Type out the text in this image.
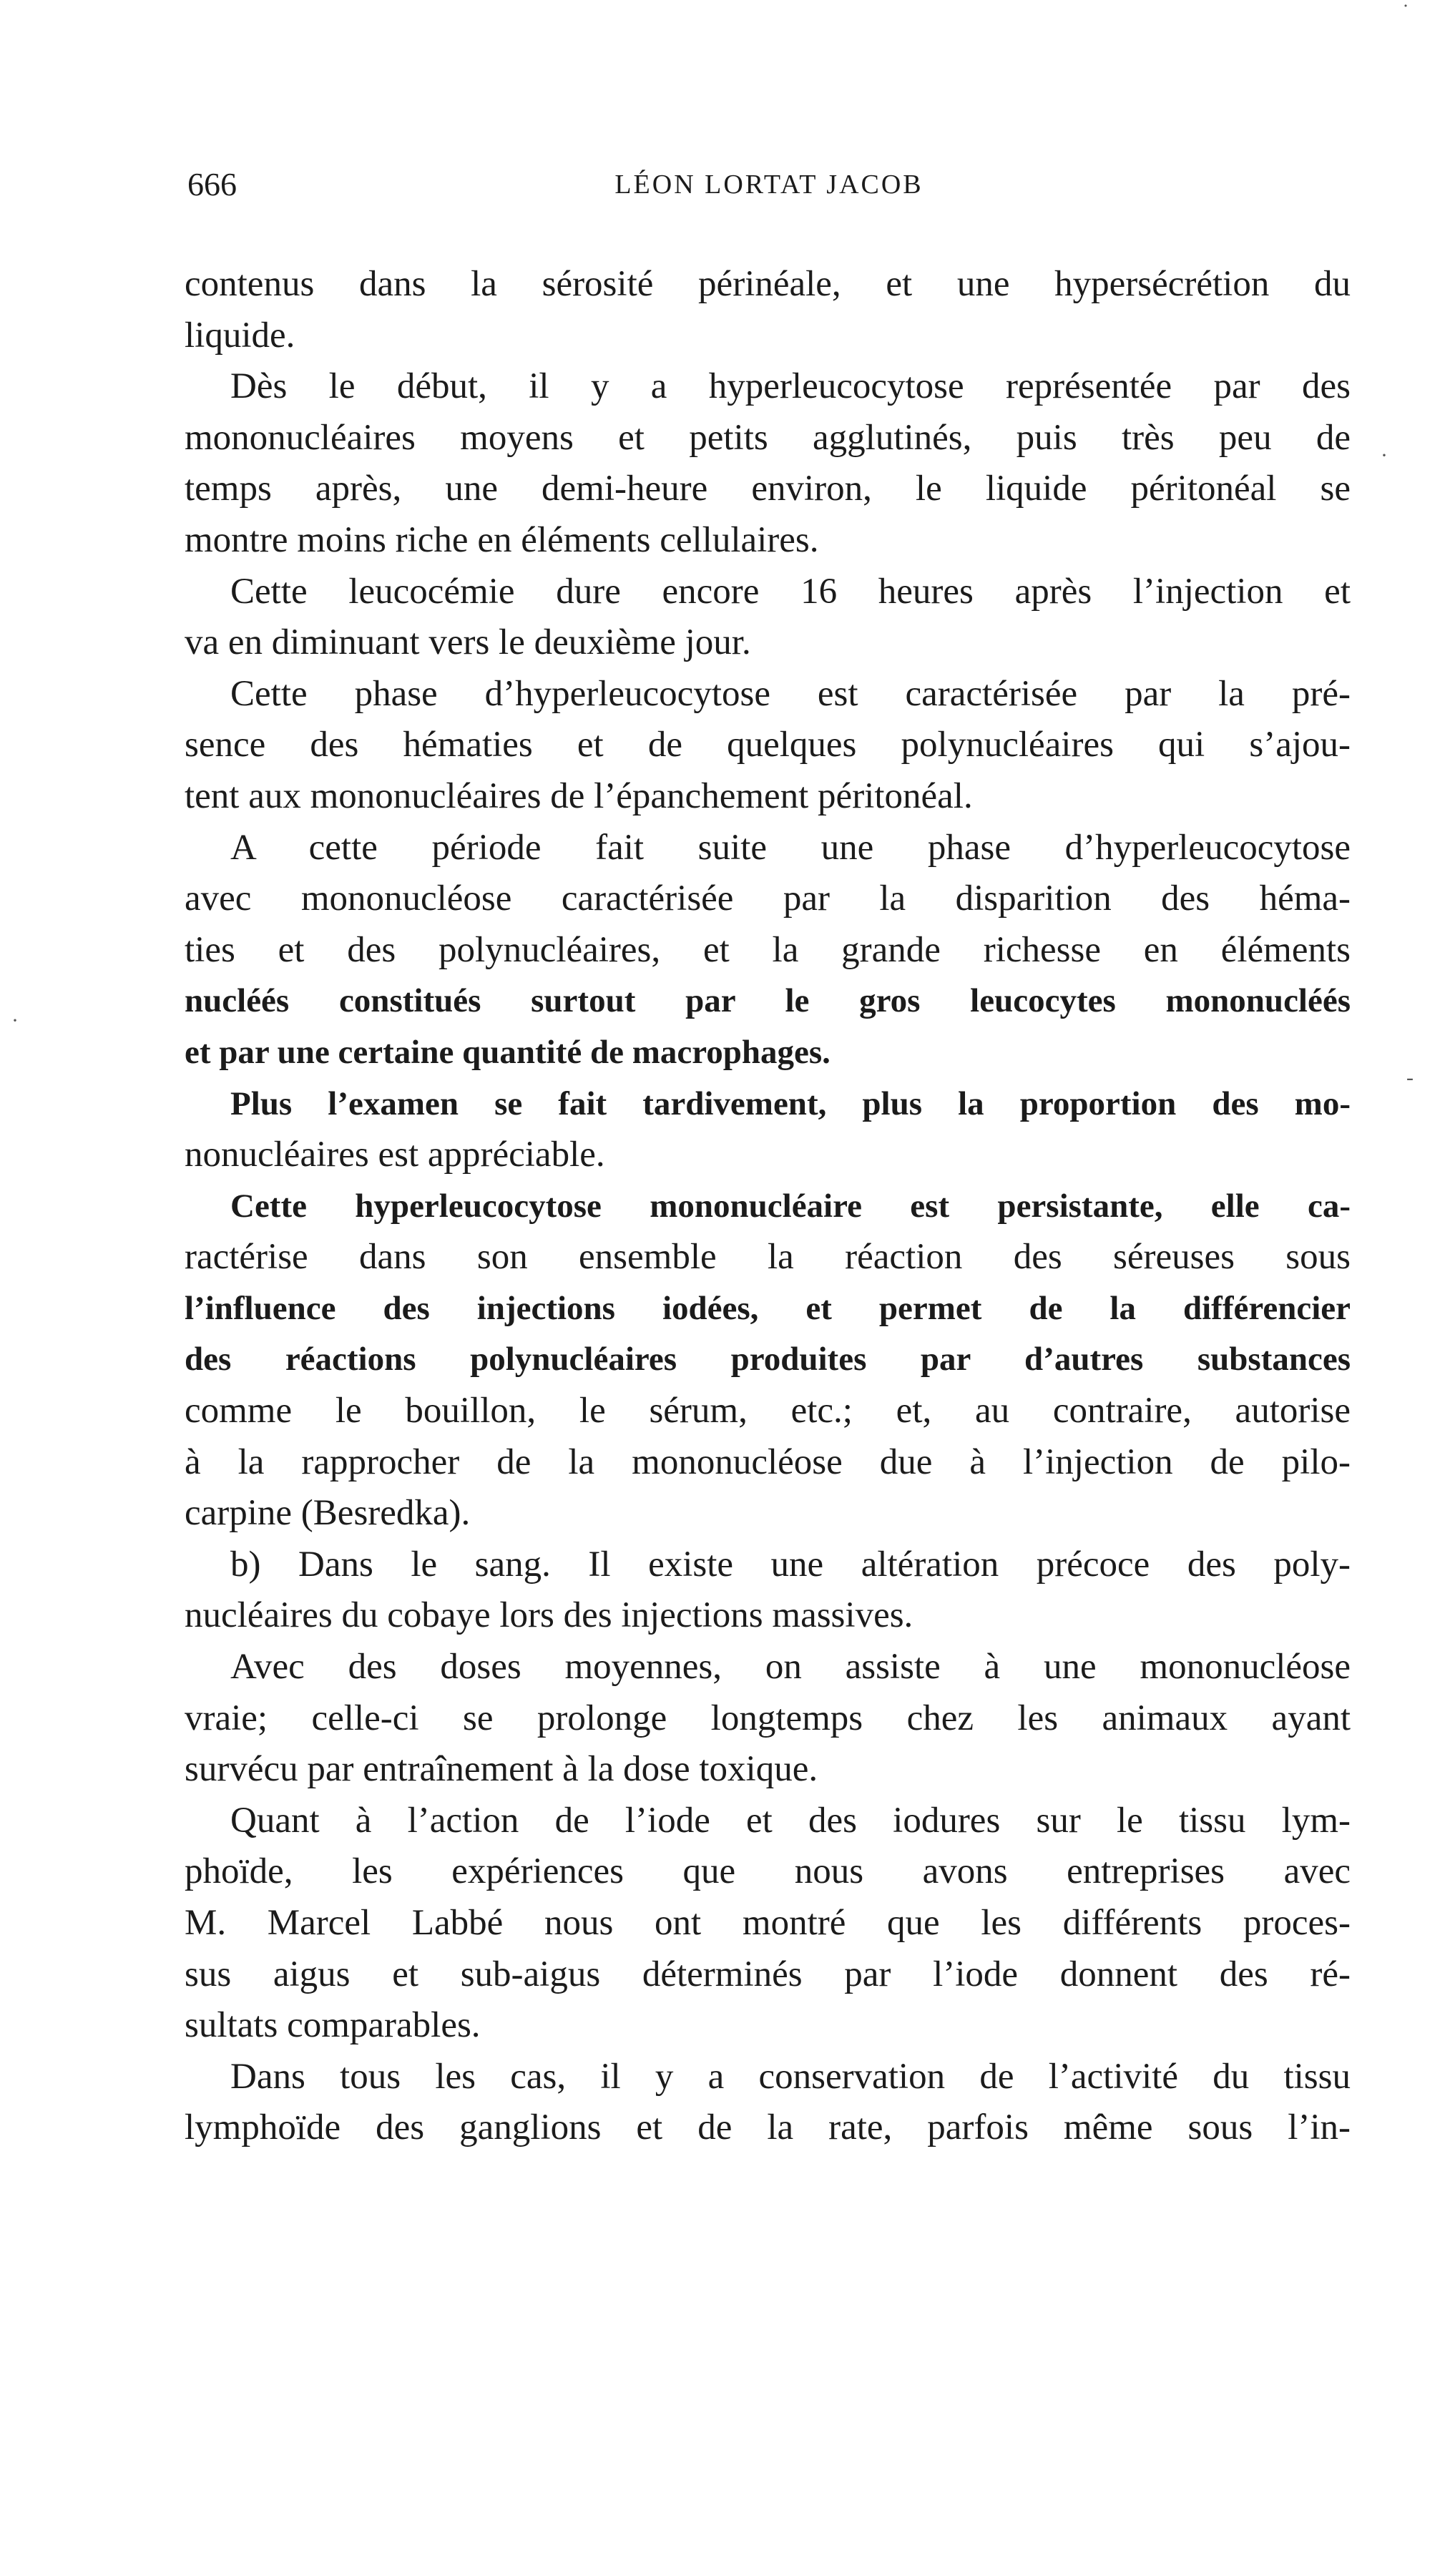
666	LÉON LORTAT JACOB
contenus dans la sérosité périnéale, et une hypersécrétion du
liquide.
Dès le début, il y a hyperleucocytose représentée par des
mononucléaires moyens et petits agglutinés, puis très peu de
temps après, une demi-heure environ, le liquide péritonéal se
montre moins riche en éléments cellulaires.
Cette leucocémie dure encore 16 heures après l’injection et
va en diminuant vers le deuxième jour.
Cette phase d’hyperleucocytose est caractérisée par la pré-
sence des hématies et de quelques polynucléaires qui s’ajou-
tent aux mononucléaires de l’épanchement péritonéal.
A cette période fait suite une phase d’hyperleucocytose
avec mononucléose caractérisée par la disparition des héma-
ties et des polynucléaires, et la grande richesse en éléments
nucléés constitués surtout par le gros leucocytes mononucléés
et par une certaine quantité de macrophages.
Plus l’examen se fait tardivement, plus la proportion des mo-
nonucléaires est appréciable.
Cette hyperleucocytose mononucléaire est persistante, elle ca-
ractérise dans son ensemble la réaction des séreuses sous
l’influence des injections iodées, et permet de la différencier
des réactions polynucléaires produites par d’autres substances
comme le bouillon, le sérum, etc.; et, au contraire, autorise
à la rapprocher de la mononucléose due à l’injection de pilo-
carpine (Besredka).
b) Dans le sang. Il existe une altération précoce des poly-
nucléaires du cobaye lors des injections massives.
Avec des doses moyennes, on assiste à une mononucléose
vraie; celle-ci se prolonge longtemps chez les animaux ayant
survécu par entraînement à la dose toxique.
Quant à l’action de l’iode et des iodures sur le tissu lym-
phoïde, les expériences que nous avons entreprises avec
M. Marcel Labbé nous ont montré que les différents proces-
sus aigus et sub-aigus déterminés par l’iode donnent des ré-
sultats comparables.
Dans tous les cas, il y a conservation de l’activité du tissu
lymphoïde des ganglions et de la rate, parfois même sous l’in-
·
·
-
˙
